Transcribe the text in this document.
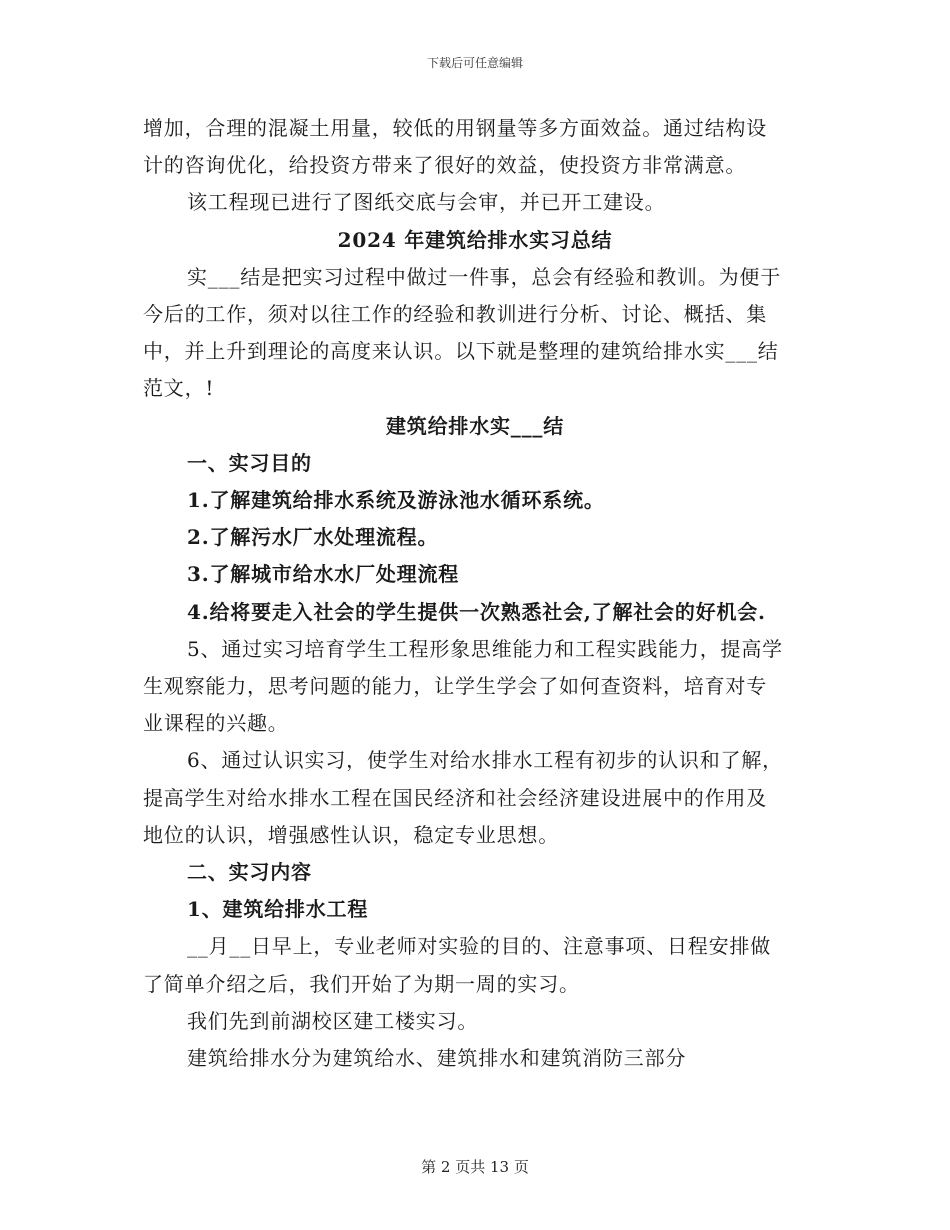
下载后可任意编辑
增加，合理的混凝土用量，较低的用钢量等多方面效益。通过结构设
计的咨询优化，给投资方带来了很好的效益，使投资方非常满意。
该工程现已进行了图纸交底与会审，并已开工建设。
2024 年建筑给排水实习总结
实___结是把实习过程中做过一件事，总会有经验和教训。为便于
今后的工作，须对以往工作的经验和教训进行分析、讨论、概括、集
中，并上升到理论的高度来认识。以下就是整理的建筑给排水实___结
范文，!
建筑给排水实___结
一、实习目的
1.了解建筑给排水系统及游泳池水循环系统。
2.了解污水厂水处理流程。
3.了解城市给水水厂处理流程
4.给将要走入社会的学生提供一次熟悉社会,了解社会的好机会.
5、通过实习培育学生工程形象思维能力和工程实践能力，提高学
生观察能力，思考问题的能力，让学生学会了如何查资料，培育对专
业课程的兴趣。
6、通过认识实习，使学生对给水排水工程有初步的认识和了解，
提高学生对给水排水工程在国民经济和社会经济建设进展中的作用及
地位的认识，增强感性认识，稳定专业思想。
二、实习内容
1、建筑给排水工程
__月__日早上，专业老师对实验的目的、注意事项、日程安排做
了简单介绍之后，我们开始了为期一周的实习。
我们先到前湖校区建工楼实习。
建筑给排水分为建筑给水、建筑排水和建筑消防三部分
第 2 页共 13 页
